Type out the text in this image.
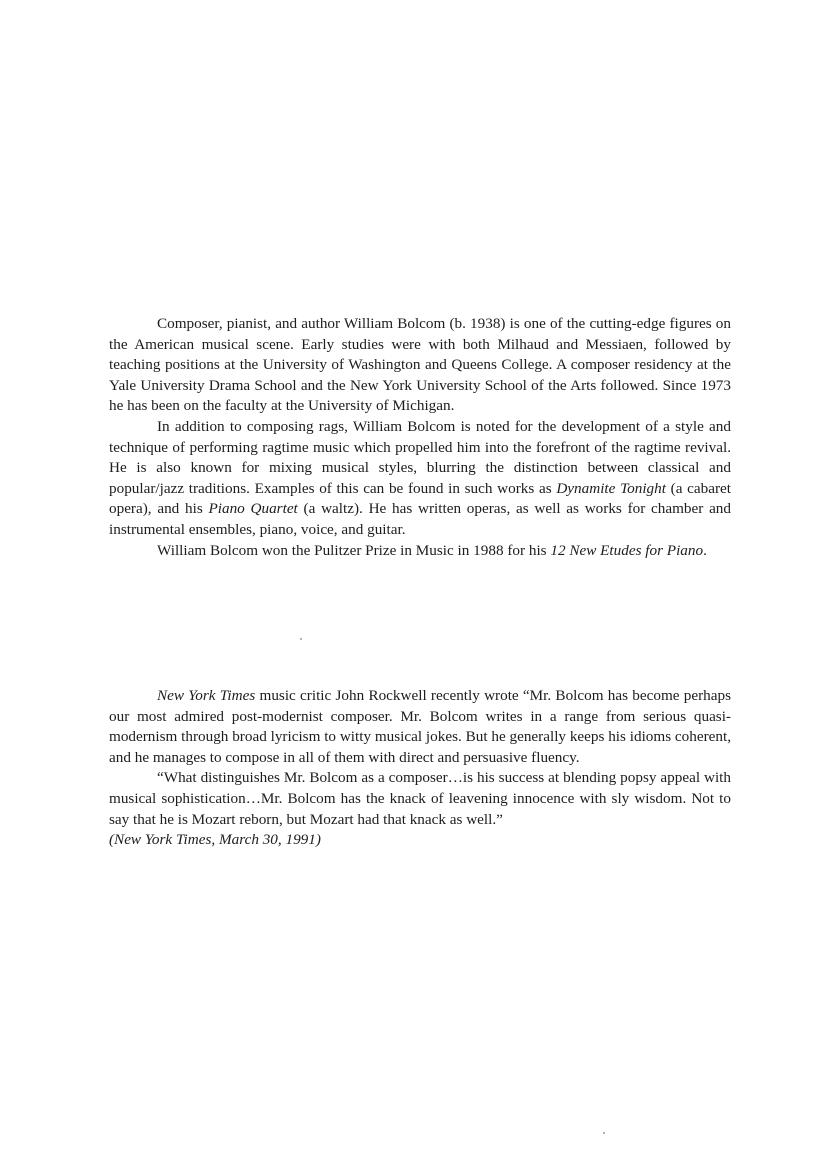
Composer, pianist, and author William Bolcom (b. 1938) is one of the cutting-edge figures on the American musical scene. Early studies were with both Milhaud and Messiaen, followed by teaching positions at the University of Washington and Queens College. A composer residency at the Yale University Drama School and the New York University School of the Arts followed. Since 1973 he has been on the faculty at the University of Michigan.

In addition to composing rags, William Bolcom is noted for the development of a style and technique of performing ragtime music which propelled him into the forefront of the ragtime revival. He is also known for mixing musical styles, blurring the distinction between classical and popular/jazz traditions. Examples of this can be found in such works as Dynamite Tonight (a cabaret opera), and his Piano Quartet (a waltz). He has written operas, as well as works for chamber and instrumental ensembles, piano, voice, and guitar.

William Bolcom won the Pulitzer Prize in Music in 1988 for his 12 New Etudes for Piano.

New York Times music critic John Rockwell recently wrote “Mr. Bolcom has become perhaps our most admired post-modernist composer. Mr. Bolcom writes in a range from serious quasi-modernism through broad lyricism to witty musical jokes. But he generally keeps his idioms coherent, and he manages to compose in all of them with direct and persuasive fluency.

“What distinguishes Mr. Bolcom as a composer…is his success at blending popsy appeal with musical sophistication…Mr. Bolcom has the knack of leavening innocence with sly wisdom. Not to say that he is Mozart reborn, but Mozart had that knack as well.”
(New York Times, March 30, 1991)
